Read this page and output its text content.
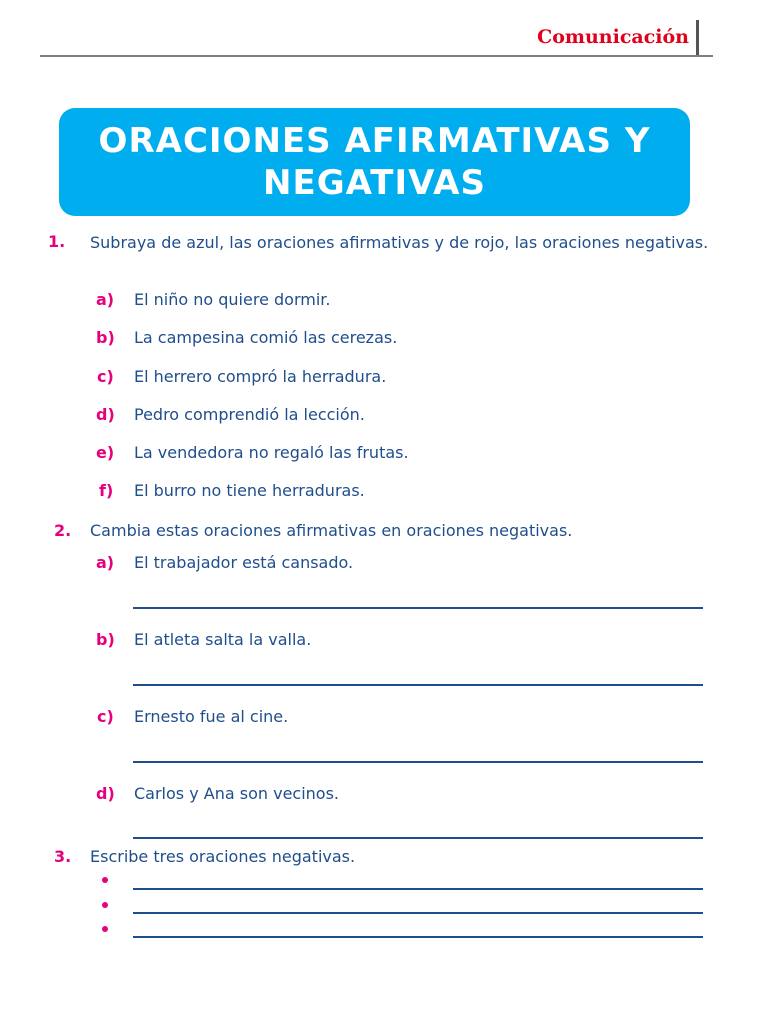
Comunicación
ORACIONES AFIRMATIVAS Y NEGATIVAS
1. Subraya de azul, las oraciones afirmativas y de rojo, las oraciones negativas.
a) El niño no quiere dormir.
b) La campesina comió las cerezas.
c) El herrero compró la herradura.
d) Pedro comprendió la lección.
e) La vendedora no regaló las frutas.
f) El burro no tiene herraduras.
2. Cambia estas oraciones afirmativas en oraciones negativas.
a) El trabajador está cansado.
b) El atleta salta la valla.
c) Ernesto fue al cine.
d) Carlos y Ana son vecinos.
3. Escribe tres oraciones negativas.
